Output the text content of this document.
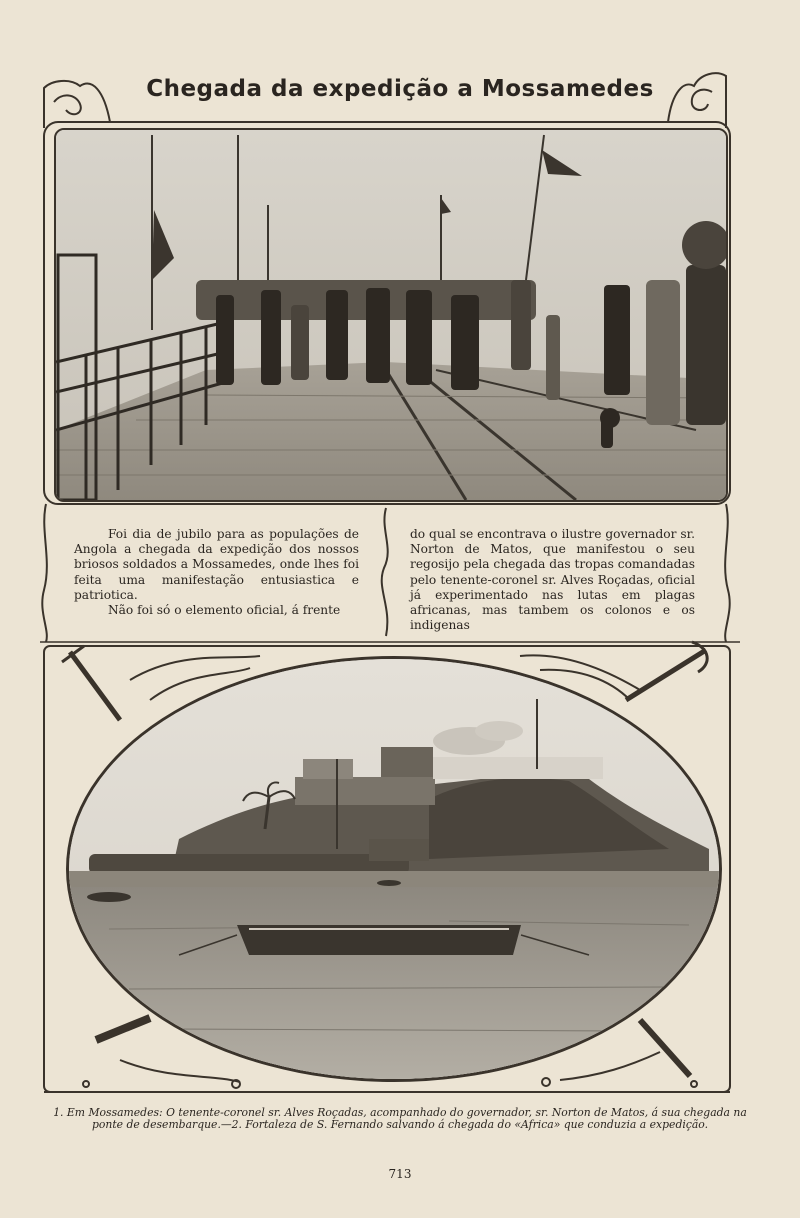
Chegada da expedição a Mossamedes

Foi dia de jubilo para as populações de Angola a chegada da expedição dos nossos briosos soldados a Mossamedes, onde lhes foi feita uma manifestação entusiastica e patriotica.

Não foi só o elemento oficial, á frente

do qual se encontrava o ilustre governador sr. Norton de Matos, que manifestou o seu regosijo pela chegada das tropas comandadas pelo tenente-coronel sr. Alves Roçadas, oficial já experimentado nas lutas em plagas africanas, mas tambem os colonos e os indigenas

1. Em Mossamedes: O tenente-coronel sr. Alves Roçadas, acompanhado do governador, sr. Norton de Matos, á sua chegada na ponte de desembarque.—2. Fortaleza de S. Fernando salvando á chegada do «Africa» que conduzia a expedição.
713
